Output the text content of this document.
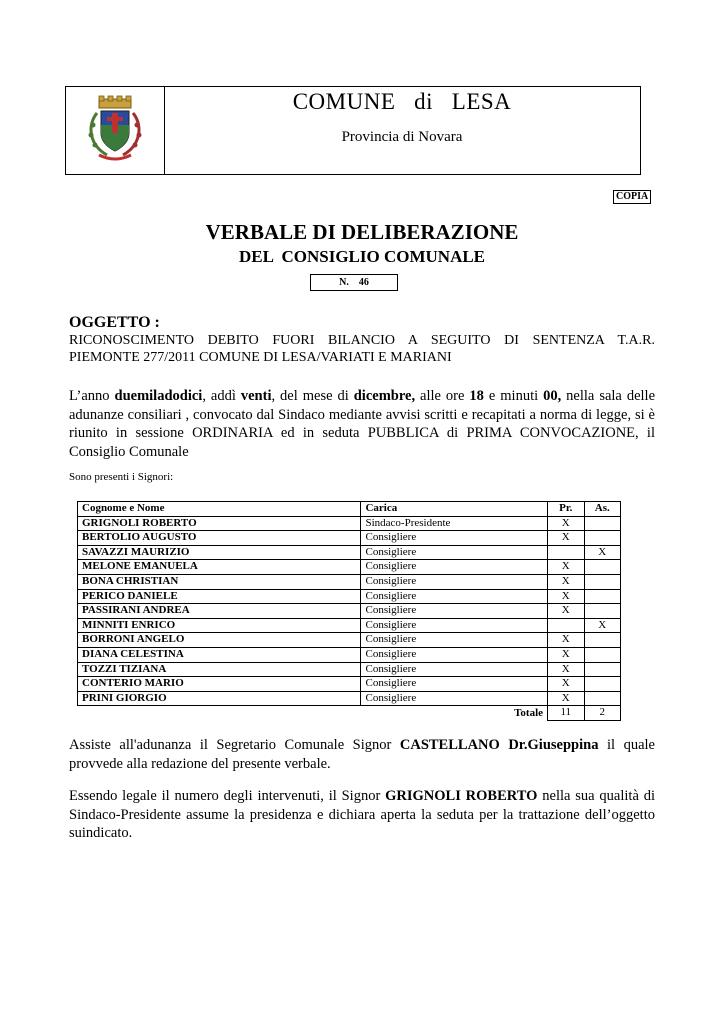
COMUNE   di   LESA
Provincia di Novara
COPIA
VERBALE DI DELIBERAZIONE
DEL  CONSIGLIO COMUNALE
N.    46
OGGETTO :
RICONOSCIMENTO DEBITO FUORI BILANCIO A SEGUITO DI SENTENZA T.A.R.
PIEMONTE 277/2011 COMUNE DI LESA/VARIATI E MARIANI
L’anno duemiladodici, addì venti, del mese di dicembre, alle ore 18 e minuti 00, nella sala delle adunanze consiliari , convocato dal Sindaco mediante avvisi scritti e recapitati a norma di legge, si è riunito in sessione ORDINARIA ed in seduta PUBBLICA di PRIMA CONVOCAZIONE, il Consiglio Comunale
Sono presenti i Signori:
Cognome e Nome	Carica	Pr.	As.
GRIGNOLI ROBERTO	Sindaco-Presidente	X	
BERTOLIO AUGUSTO	Consigliere	X	
SAVAZZI MAURIZIO	Consigliere		X
MELONE EMANUELA	Consigliere	X	
BONA CHRISTIAN	Consigliere	X	
PERICO DANIELE	Consigliere	X	
PASSIRANI ANDREA	Consigliere	X	
MINNITI ENRICO	Consigliere		X
BORRONI ANGELO	Consigliere	X	
DIANA CELESTINA	Consigliere	X	
TOZZI TIZIANA	Consigliere	X	
CONTERIO MARIO	Consigliere	X	
PRINI GIORGIO	Consigliere	X	
Totale		11	2
Assiste all'adunanza il Segretario Comunale Signor CASTELLANO Dr.Giuseppina il quale provvede alla redazione del presente verbale.
Essendo legale il numero degli intervenuti, il Signor GRIGNOLI ROBERTO nella sua qualità di Sindaco-Presidente assume la presidenza e dichiara aperta la seduta per la trattazione dell’oggetto suindicato.
